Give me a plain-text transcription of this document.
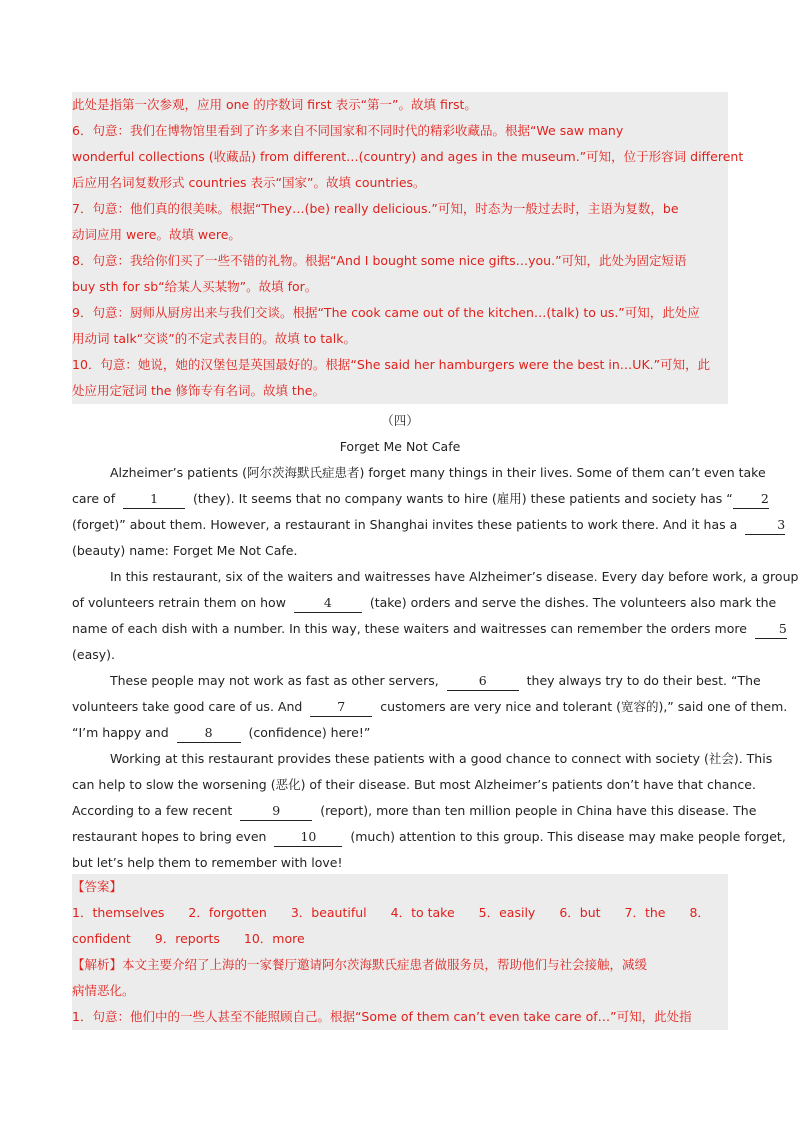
此处是指第一次参观，应用 one 的序数词 first 表示“第一”。故填 first。
6．句意：我们在博物馆里看到了许多来自不同国家和不同时代的精彩收藏品。根据“We saw many
wonderful collections (收藏品) from different…(country) and ages in the museum.”可知，位于形容词 different
后应用名词复数形式 countries 表示“国家”。故填 countries。
7．句意：他们真的很美味。根据“They…(be) really delicious.”可知，时态为一般过去时，主语为复数，be
动词应用 were。故填 were。
8．句意：我给你们买了一些不错的礼物。根据“And I bought some nice gifts…you.”可知，此处为固定短语
buy sth for sb“给某人买某物”。故填 for。
9．句意：厨师从厨房出来与我们交谈。根据“The cook came out of the kitchen…(talk) to us.”可知，此处应
用动词 talk“交谈”的不定式表目的。故填 to talk。
10．句意：她说，她的汉堡包是英国最好的。根据“She said her hamburgers were the best in…UK.”可知，此
处应用定冠词 the 修饰专有名词。故填 the。
（四）
Forget Me Not Cafe
Alzheimer’s patients (阿尔茨海默氏症患者) forget many things in their lives. Some of them can’t even take
care of	1	(they). It seems that no company wants to hire (雇用) these patients and society has “ 2
(forget)” about them. However, a restaurant in Shanghai invites these patients to work there. And it has a	3
(beauty) name: Forget Me Not Cafe.
In this restaurant, six of the waiters and waitresses have Alzheimer’s disease. Every day before work, a group
of volunteers retrain them on how	4	(take) orders and serve the dishes. The volunteers also mark the
name of each dish with a number. In this way, these waiters and waitresses can remember the orders more	5
(easy).
These people may not work as fast as other servers,	6	they always try to do their best. “The
volunteers take good care of us. And	7	customers are very nice and tolerant (宽容的),” said one of them.
“I’m happy and	8	(confidence) here!”
Working at this restaurant provides these patients with a good chance to connect with society (社会). This
can help to slow the worsening (恶化) of their disease. But most Alzheimer’s patients don’t have that chance.
According to a few recent	9	(report), more than ten million people in China have this disease. The
restaurant hopes to bring even	10	(much) attention to this group. This disease may make people forget,
but let’s help them to remember with love!
【答案】
1．themselves 2．forgotten 3．beautiful 4．to take 5．easily 6．but 7．the 8．
confident 9．reports 10．more
【解析】本文主要介绍了上海的一家餐厅邀请阿尔茨海默氏症患者做服务员，帮助他们与社会接触，减缓
病情恶化。
1．句意：他们中的一些人甚至不能照顾自己。根据“Some of them can’t even take care of…”可知，此处指
